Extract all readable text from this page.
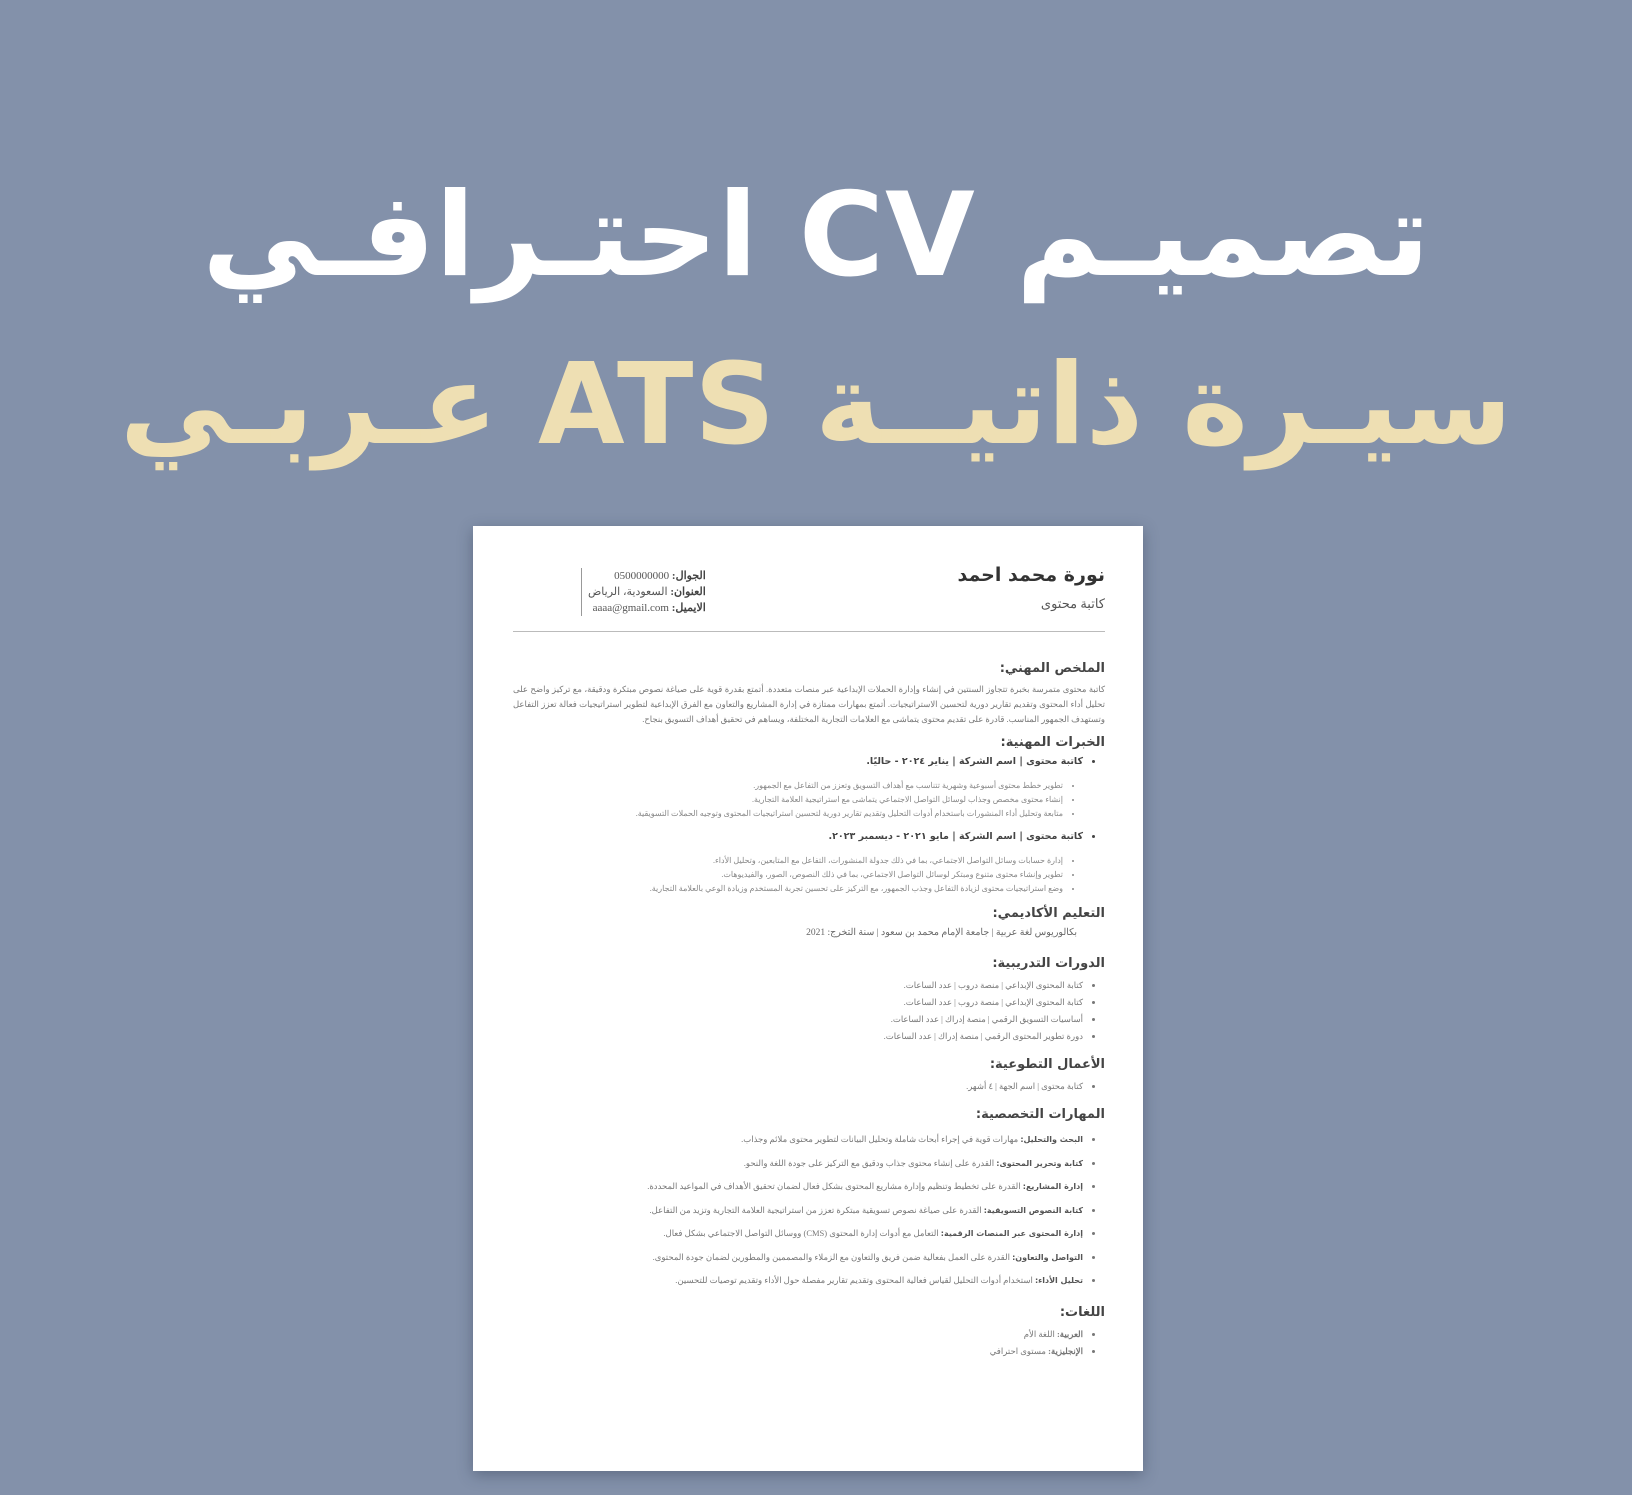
تصميـم CV احتـرافـي
سيـرة ذاتيــة ATS عـربـي
نورة محمد احمد
كاتبة محتوى
الجوال: 0500000000
العنوان: السعودية، الرياض
الايميل: aaaa@gmail.com
الملخص المهني:

كاتبة محتوى متمرسة بخبرة تتجاوز السنتين في إنشاء وإدارة الحملات الإبداعية عبر منصات متعددة. أتمتع بقدرة قوية على صياغة نصوص مبتكرة ودقيقة، مع تركيز واضح على تحليل أداء المحتوى وتقديم تقارير دورية لتحسين الاستراتيجيات. أتمتع بمهارات ممتازة في إدارة المشاريع والتعاون مع الفرق الإبداعية لتطوير استراتيجيات فعالة تعزز التفاعل وتستهدف الجمهور المناسب. قادرة على تقديم محتوى يتماشى مع العلامات التجارية المختلفة، ويساهم في تحقيق أهداف التسويق بنجاح.

الخبرات المهنية:
• كاتبة محتوى | اسم الشركة | يناير ٢٠٢٤ - حاليًا.
• تطوير خطط محتوى أسبوعية وشهرية تتناسب مع أهداف التسويق وتعزز من التفاعل مع الجمهور.
• إنشاء محتوى مخصص وجذاب لوسائل التواصل الاجتماعي يتماشى مع استراتيجية العلامة التجارية.
• متابعة وتحليل أداء المنشورات باستخدام أدوات التحليل وتقديم تقارير دورية لتحسين استراتيجيات المحتوى وتوجيه الحملات التسويقية.
• كاتبة محتوى | اسم الشركة | مايو ٢٠٢١ - ديسمبر ٢٠٢٣.
• إدارة حسابات وسائل التواصل الاجتماعي، بما في ذلك جدولة المنشورات، التفاعل مع المتابعين، وتحليل الأداء.
• تطوير وإنشاء محتوى متنوع ومبتكر لوسائل التواصل الاجتماعي، بما في ذلك النصوص، الصور، والفيديوهات.
• وضع استراتيجيات محتوى لزيادة التفاعل وجذب الجمهور، مع التركيز على تحسين تجربة المستخدم وزيادة الوعي بالعلامة التجارية.
التعليم الأكاديمي:
بكالوريوس لغة عربية | جامعة الإمام محمد بن سعود | سنة التخرج: 2021
الدورات التدريبية:
• كتابة المحتوى الإبداعي | منصة دروب | عدد الساعات.
• كتابة المحتوى الإبداعي | منصة دروب | عدد الساعات.
• أساسيات التسويق الرقمي | منصة إدراك | عدد الساعات.
• دورة تطوير المحتوى الرقمي | منصة إدراك | عدد الساعات.
الأعمال التطوعية:
• كتابة محتوى | اسم الجهة | ٤ أشهر.
المهارات التخصصية:
• البحث والتحليل: مهارات قوية في إجراء أبحاث شاملة وتحليل البيانات لتطوير محتوى ملائم وجذاب.
• كتابة وتحرير المحتوى: القدرة على إنشاء محتوى جذاب ودقيق مع التركيز على جودة اللغة والنحو.
• إدارة المشاريع: القدرة على تخطيط وتنظيم وإدارة مشاريع المحتوى بشكل فعال لضمان تحقيق الأهداف في المواعيد المحددة.
• كتابة النصوص التسويقية: القدرة على صياغة نصوص تسويقية مبتكرة تعزز من استراتيجية العلامة التجارية وتزيد من التفاعل.
• إدارة المحتوى عبر المنصات الرقمية: التعامل مع أدوات إدارة المحتوى (CMS) ووسائل التواصل الاجتماعي بشكل فعال.
• التواصل والتعاون: القدرة على العمل بفعالية ضمن فريق والتعاون مع الزملاء والمصممين والمطورين لضمان جودة المحتوى.
• تحليل الأداء: استخدام أدوات التحليل لقياس فعالية المحتوى وتقديم تقارير مفصلة حول الأداء وتقديم توصيات للتحسين.
اللغات:
• العربية: اللغة الأم
• الإنجليزية: مستوى احترافي
